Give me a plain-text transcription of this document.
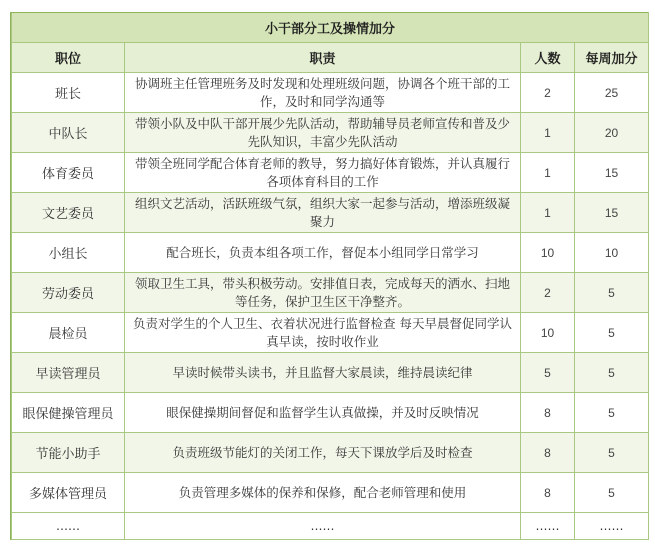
小干部分工及操情加分			
职位	职责	人数	每周加分
班长	协调班主任管理班务及时发现和处理班级问题，协调各个班干部的工作，及时和同学沟通等	2	25
中队长	带领小队及中队干部开展少先队活动，帮助辅导员老师宣传和普及少先队知识，丰富少先队活动	1	20
体育委员	带领全班同学配合体育老师的教导，努力搞好体育锻炼，并认真履行各项体育科目的工作	1	15
文艺委员	组织文艺活动，活跃班级气氛，组织大家一起参与活动，增添班级凝聚力	1	15
小组长	配合班长，负责本组各项工作，督促本小组同学日常学习	10	10
劳动委员	领取卫生工具，带头积极劳动。安排值日表，完成每天的洒水、扫地等任务，保护卫生区干净整齐。	2	5
晨检员	负责对学生的个人卫生、衣着状况进行监督检查 每天早晨督促同学认真早读，按时收作业	10	5
早读管理员	早读时候带头读书，并且监督大家晨读，维持晨读纪律	5	5
眼保健操管理员	眼保健操期间督促和监督学生认真做操，并及时反映情况	8	5
节能小助手	负责班级节能灯的关闭工作，每天下课放学后及时检查	8	5
多媒体管理员	负责管理多媒体的保养和保修，配合老师管理和使用	8	5
……	……	……	……
